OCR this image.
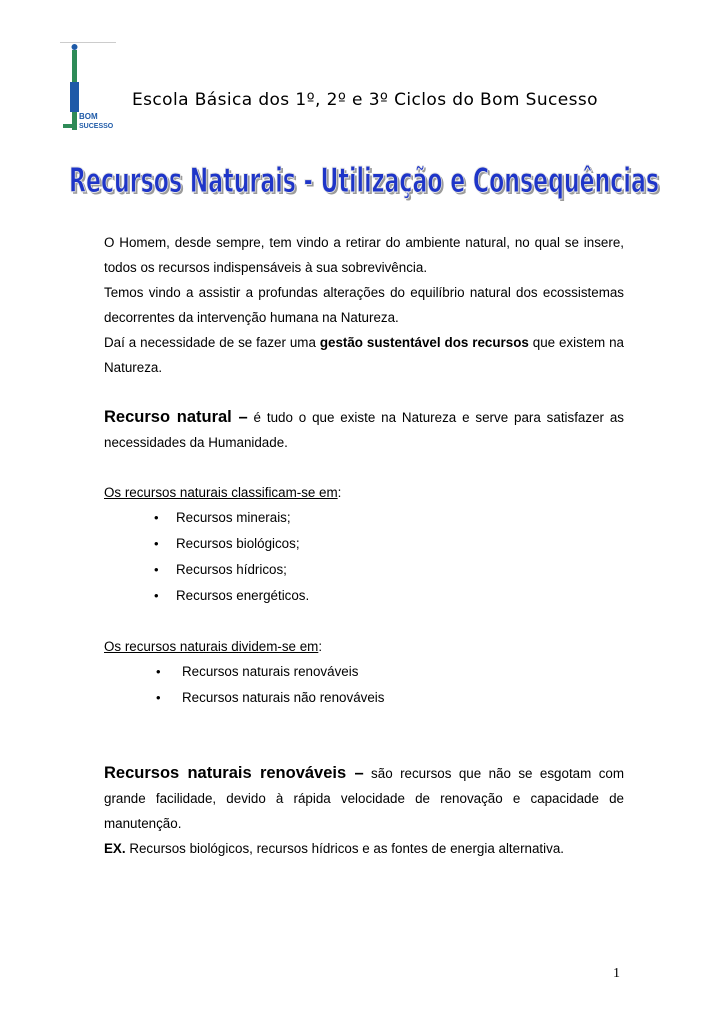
BOM
SUCESSO
Escola Básica dos 1º, 2º e 3º Ciclos do Bom Sucesso
Recursos Naturais - Utilização e Consequências
Recursos Naturais - Utilização e Consequências

O Homem, desde sempre, tem vindo a retirar do ambiente natural, no qual se insere, todos os recursos indispensáveis à sua sobrevivência.

Temos vindo a assistir a profundas alterações do equilíbrio natural dos ecossistemas decorrentes da intervenção humana na Natureza.

Daí a necessidade de se fazer uma gestão sustentável dos recursos que existem na Natureza.

Recurso natural – é tudo o que existe na Natureza e serve para satisfazer as necessidades da Humanidade.

Os recursos naturais classificam-se em:

• Recursos minerais;
• Recursos biológicos;
• Recursos hídricos;
• Recursos energéticos.

Os recursos naturais dividem-se em:

• Recursos naturais renováveis
• Recursos naturais não renováveis

Recursos naturais renováveis – são recursos que não se esgotam com grande facilidade, devido à rápida velocidade de renovação e capacidade de manutenção.

EX. Recursos biológicos, recursos hídricos e as fontes de energia alternativa.

1
